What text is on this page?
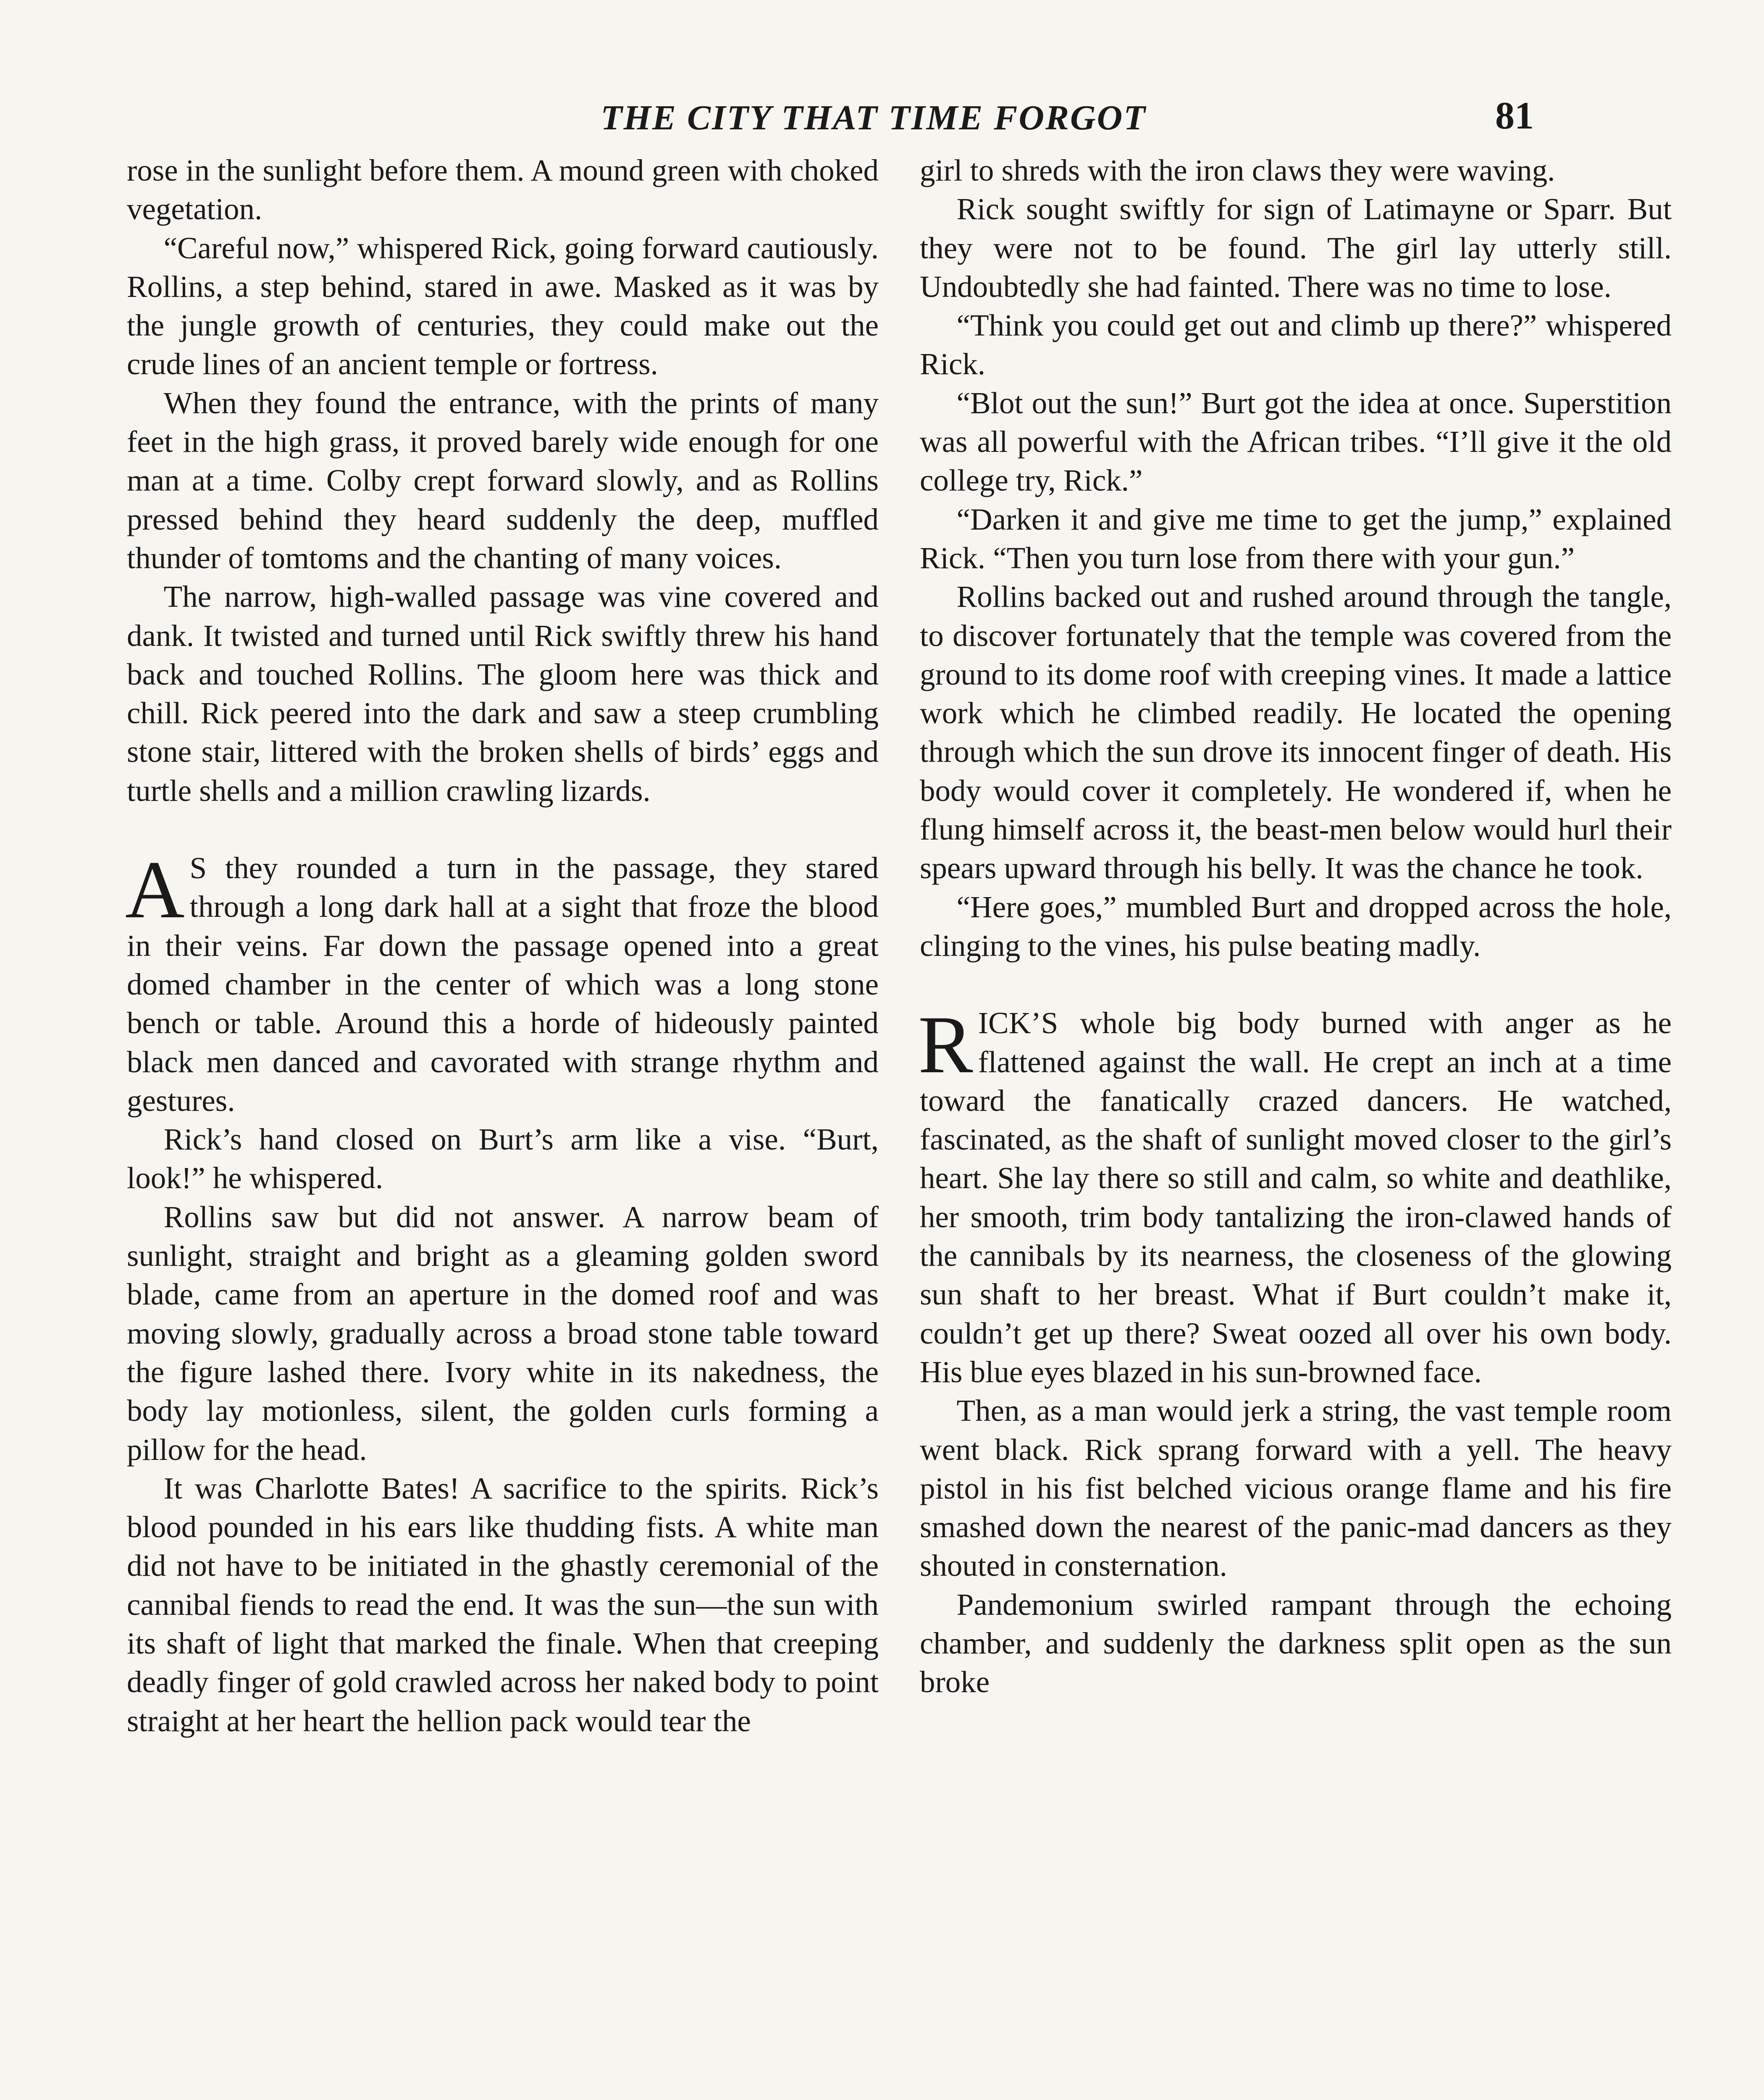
THE CITY THAT TIME FORGOT	81

rose in the sunlight before them. A mound green with choked vegetation.

“Careful now,” whispered Rick, going forward cautiously. Rollins, a step behind, stared in awe. Masked as it was by the jungle growth of centuries, they could make out the crude lines of an ancient temple or fortress.

When they found the entrance, with the prints of many feet in the high grass, it proved barely wide enough for one man at a time. Colby crept forward slowly, and as Rollins pressed behind they heard suddenly the deep, muffled thunder of tomtoms and the chanting of many voices.

The narrow, high-walled passage was vine covered and dank. It twisted and turned until Rick swiftly threw his hand back and touched Rollins. The gloom here was thick and chill. Rick peered into the dark and saw a steep crumbling stone stair, littered with the broken shells of birds’ eggs and turtle shells and a million crawling lizards.

A S they rounded a turn in the passage, they stared through a long dark hall at a sight that froze the blood in their veins. Far down the passage opened into a great domed chamber in the center of which was a long stone bench or table. Around this a horde of hideously painted black men danced and cavorated with strange rhythm and gestures.

Rick’s hand closed on Burt’s arm like a vise. “Burt, look!” he whispered.

Rollins saw but did not answer. A narrow beam of sunlight, straight and bright as a gleaming golden sword blade, came from an aperture in the domed roof and was moving slowly, gradually across a broad stone table toward the figure lashed there. Ivory white in its nakedness, the body lay motionless, silent, the golden curls forming a pillow for the head.

It was Charlotte Bates! A sacrifice to the spirits. Rick’s blood pounded in his ears like thudding fists. A white man did not have to be initiated in the ghastly ceremonial of the cannibal fiends to read the end. It was the sun—the sun with its shaft of light that marked the finale. When that creeping deadly finger of gold crawled across her naked body to point straight at her heart the hellion pack would tear the

girl to shreds with the iron claws they were waving.

Rick sought swiftly for sign of Latimayne or Sparr. But they were not to be found. The girl lay utterly still. Undoubtedly she had fainted. There was no time to lose.

“Think you could get out and climb up there?” whispered Rick.

“Blot out the sun!” Burt got the idea at once. Superstition was all powerful with the African tribes. “I’ll give it the old college try, Rick.”

“Darken it and give me time to get the jump,” explained Rick. “Then you turn lose from there with your gun.”

Rollins backed out and rushed around through the tangle, to discover fortunately that the temple was covered from the ground to its dome roof with creeping vines. It made a lattice work which he climbed readily. He located the opening through which the sun drove its innocent finger of death. His body would cover it completely. He wondered if, when he flung himself across it, the beast-men below would hurl their spears upward through his belly. It was the chance he took.

“Here goes,” mumbled Burt and dropped across the hole, clinging to the vines, his pulse beating madly.

RICK’S whole big body burned with anger as he flattened against the wall. He crept an inch at a time toward the fanatically crazed dancers. He watched, fascinated, as the shaft of sunlight moved closer to the girl’s heart. She lay there so still and calm, so white and deathlike, her smooth, trim body tantalizing the iron-clawed hands of the cannibals by its nearness, the closeness of the glowing sun shaft to her breast. What if Burt couldn’t make it, couldn’t get up there? Sweat oozed all over his own body. His blue eyes blazed in his sun-browned face.

Then, as a man would jerk a string, the vast temple room went black. Rick sprang forward with a yell. The heavy pistol in his fist belched vicious orange flame and his fire smashed down the nearest of the panic-mad dancers as they shouted in consternation.

Pandemonium swirled rampant through the echoing chamber, and suddenly the darkness split open as the sun broke
